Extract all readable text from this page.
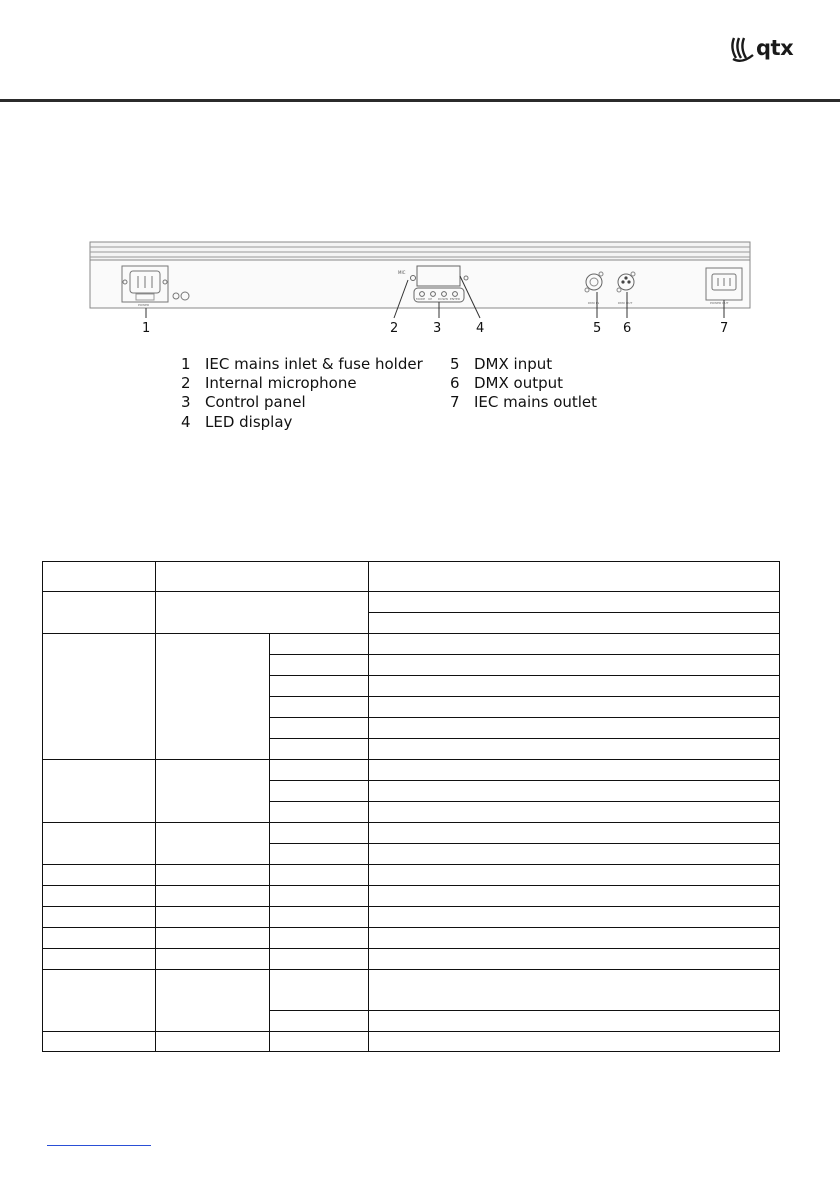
qtx
MIC
1	2	3	4	5 6	7
POWER
MODE UP DOWN ENTER
DMX IN	DMX OUT	POWER OUT
1 IEC mains inlet & fuse holder
2 Internal microphone
3 Control panel
4 LED display
5 DMX input
6 DMX output
7 IEC mains outlet
